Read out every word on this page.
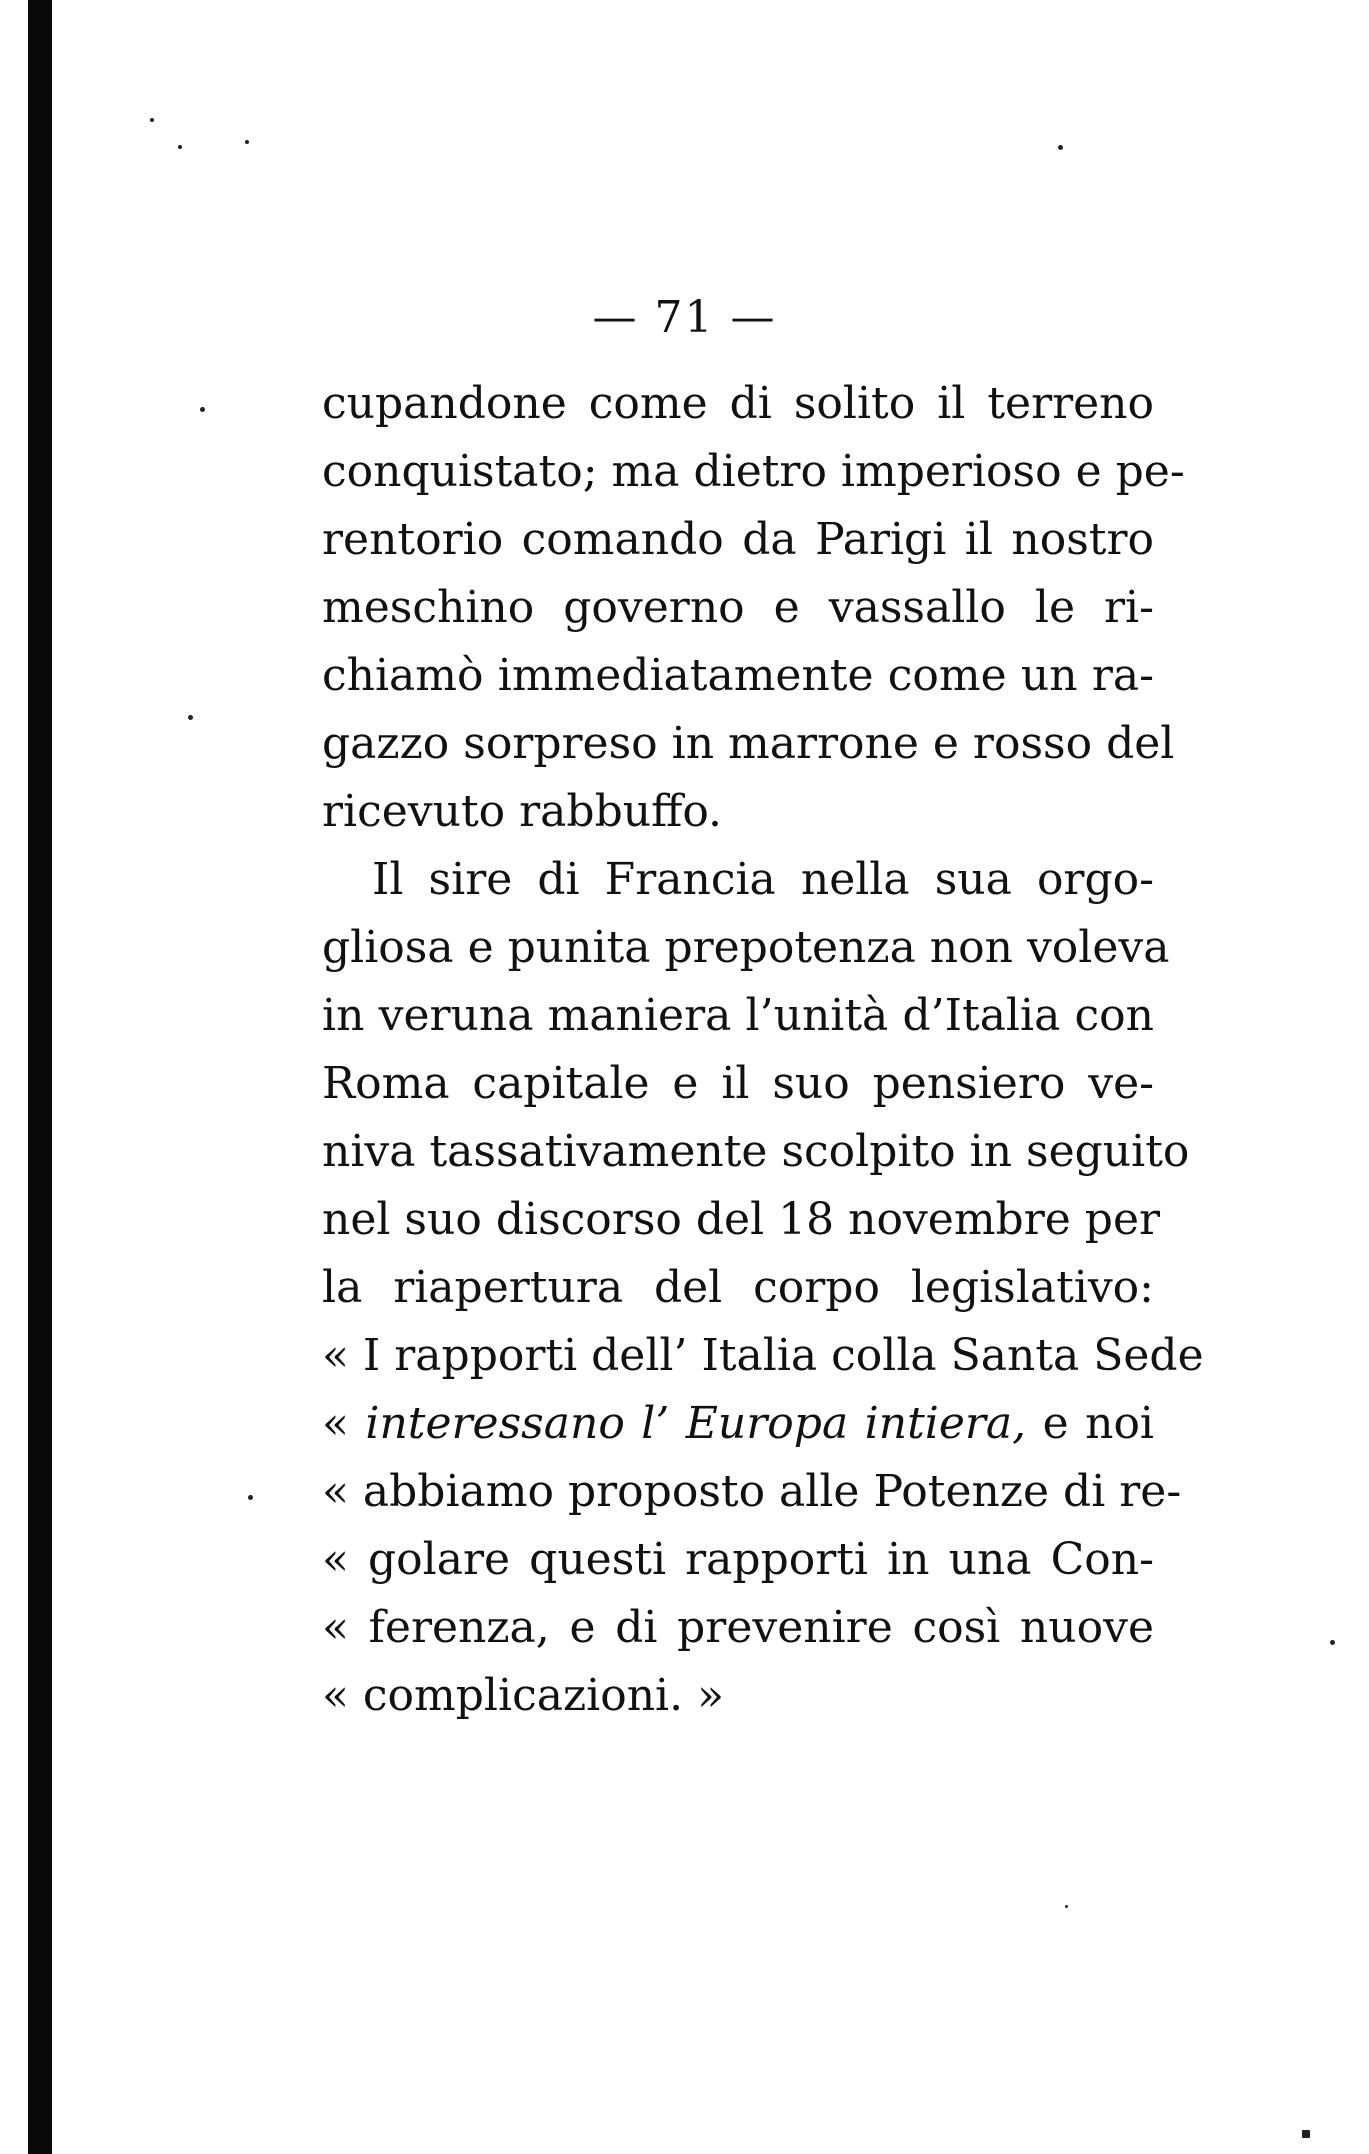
— 71 —
cupandone come di solito il terreno
conquistato; ma dietro imperioso e pe-
rentorio comando da Parigi il nostro
meschino governo e vassallo le ri-
chiamò immediatamente come un ra-
gazzo sorpreso in marrone e rosso del
ricevuto rabbuffo.
Il sire di Francia nella sua orgo-
gliosa e punita prepotenza non voleva
in veruna maniera l’unità d’Italia con
Roma capitale e il suo pensiero ve-
niva tassativamente scolpito in seguito
nel suo discorso del 18 novembre per
la riapertura del corpo legislativo:
« I rapporti dell’ Italia colla Santa Sede
« interessano l’ Europa intiera, e noi
« abbiamo proposto alle Potenze di re-
« golare questi rapporti in una Con-
« ferenza, e di prevenire così nuove
« complicazioni. »
